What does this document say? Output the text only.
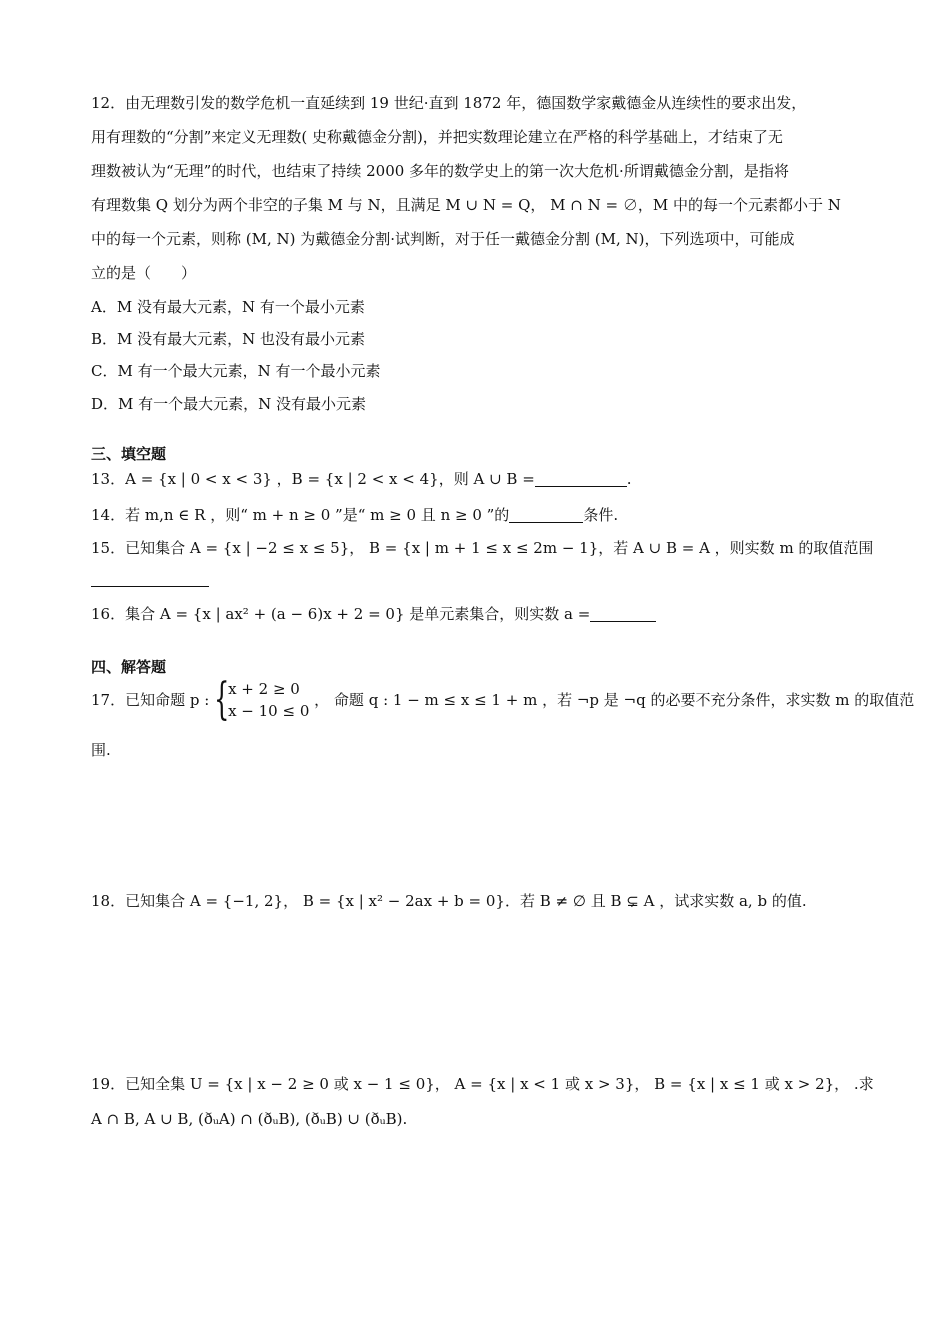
12．由无理数引发的数学危机一直延续到 19 世纪·直到 1872 年，德国数学家戴德金从连续性的要求出发，
用有理数的“分割”来定义无理数( 史称戴德金分割)，并把实数理论建立在严格的科学基础上，才结束了无
理数被认为“无理”的时代，也结束了持续 2000 多年的数学史上的第一次大危机·所谓戴德金分割，是指将
有理数集 Q 划分为两个非空的子集 M 与 N，且满足 M ∪ N = Q， M ∩ N = ∅，M 中的每一个元素都小于 N
中的每一个元素，则称 (M, N) 为戴德金分割·试判断，对于任一戴德金分割 (M, N)，下列选项中，可能成
立的是（　　）
A．M 没有最大元素，N 有一个最小元素
B．M 没有最大元素，N 也没有最小元素
C．M 有一个最大元素，N 有一个最小元素
D．M 有一个最大元素，N 没有最小元素
三、填空题
13．A = {x | 0 < x < 3} ，B = {x | 2 < x < 4}，则 A ∪ B =	.
14．若 m,n ∈ R ，则“ m + n ≥ 0 ”是“ m ≥ 0 且 n ≥ 0 ”的	条件.
15．已知集合 A = {x | −2 ≤ x ≤ 5}， B = {x | m + 1 ≤ x ≤ 2m − 1}，若 A ∪ B = A ，则实数 m 的取值范围
16．集合 A = {x | ax² + (a − 6)x + 2 = 0} 是单元素集合，则实数 a =
四、解答题
17．已知命题 p : {
x + 2 ≥ 0
x − 10 ≤ 0
， 命题 q : 1 − m ≤ x ≤ 1 + m ，若 ¬p 是 ¬q 的必要不充分条件，求实数 m 的取值范
围.
18．已知集合 A = {−1, 2}， B = {x | x² − 2ax + b = 0}．若 B ≠ ∅ 且 B ⊊ A ，试求实数 a, b 的值.
19．已知全集 U = {x | x − 2 ≥ 0 或 x − 1 ≤ 0}， A = {x | x < 1 或 x > 3}， B = {x | x ≤ 1 或 x > 2}， .求
A ∩ B, A ∪ B, (ðᵤA) ∩ (ðᵤB), (ðᵤB) ∪ (ðᵤB).
